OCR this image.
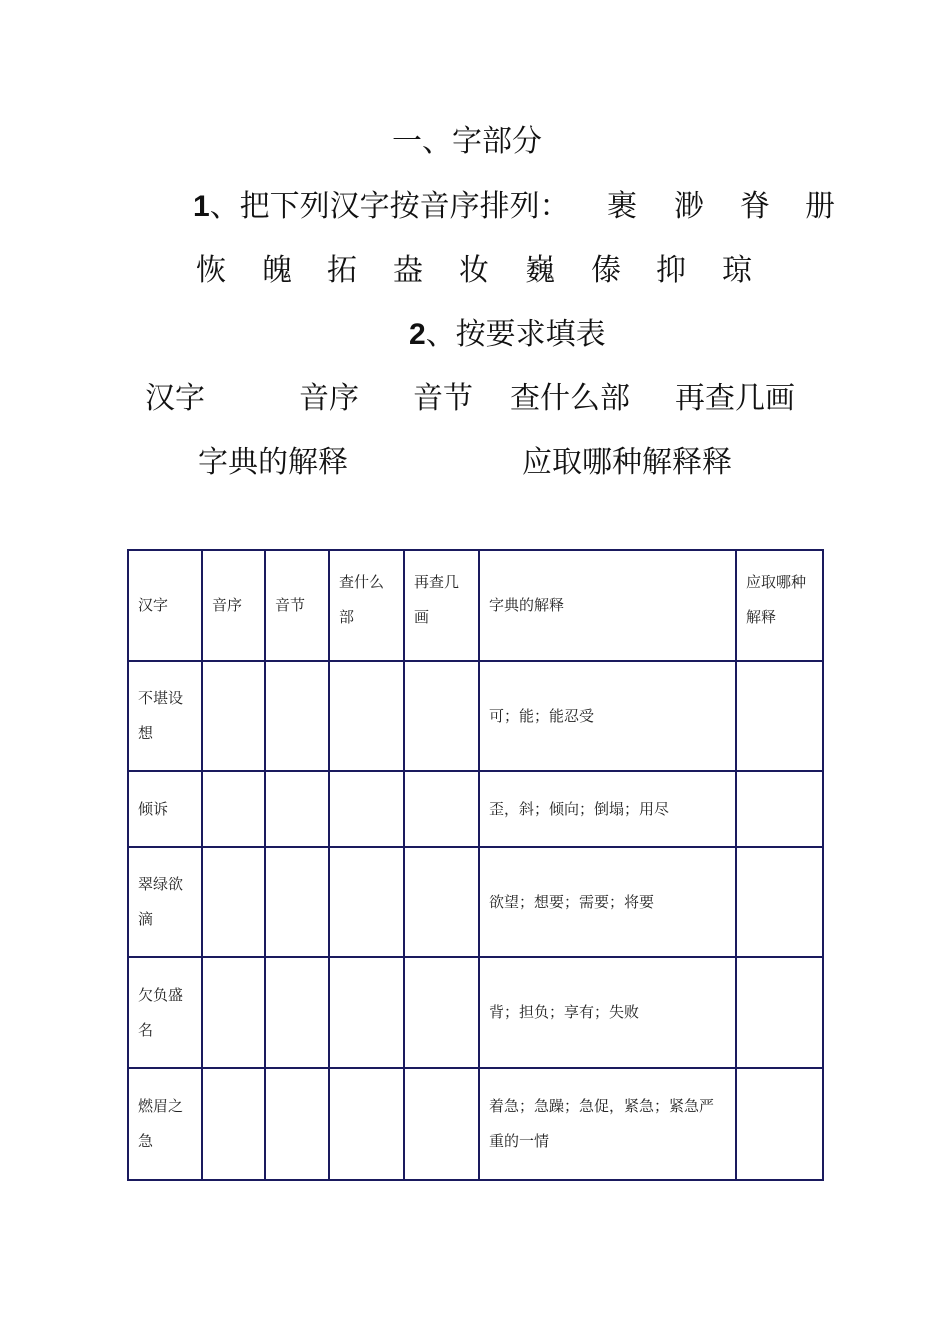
一、字部分
1、把下列汉字按音序排列： 裹 渺 脊 册
恢 魄 拓 盎 妆 巍 傣 抑 琼
2、按要求填表
汉字	音序 音节 查什么部 再查几画
字典的解释	应取哪种解释释
汉字	音序	音节	查什么部	再查几画	字典的解释	应取哪种解释
不堪设想					可；能；能忍受	
倾诉					歪，斜；倾向；倒塌；用尽	
翠绿欲滴					欲望；想要；需要；将要	
欠负盛名					背；担负；享有；失败	
燃眉之急					着急；急躁；急促，紧急；紧急严重的一情	
